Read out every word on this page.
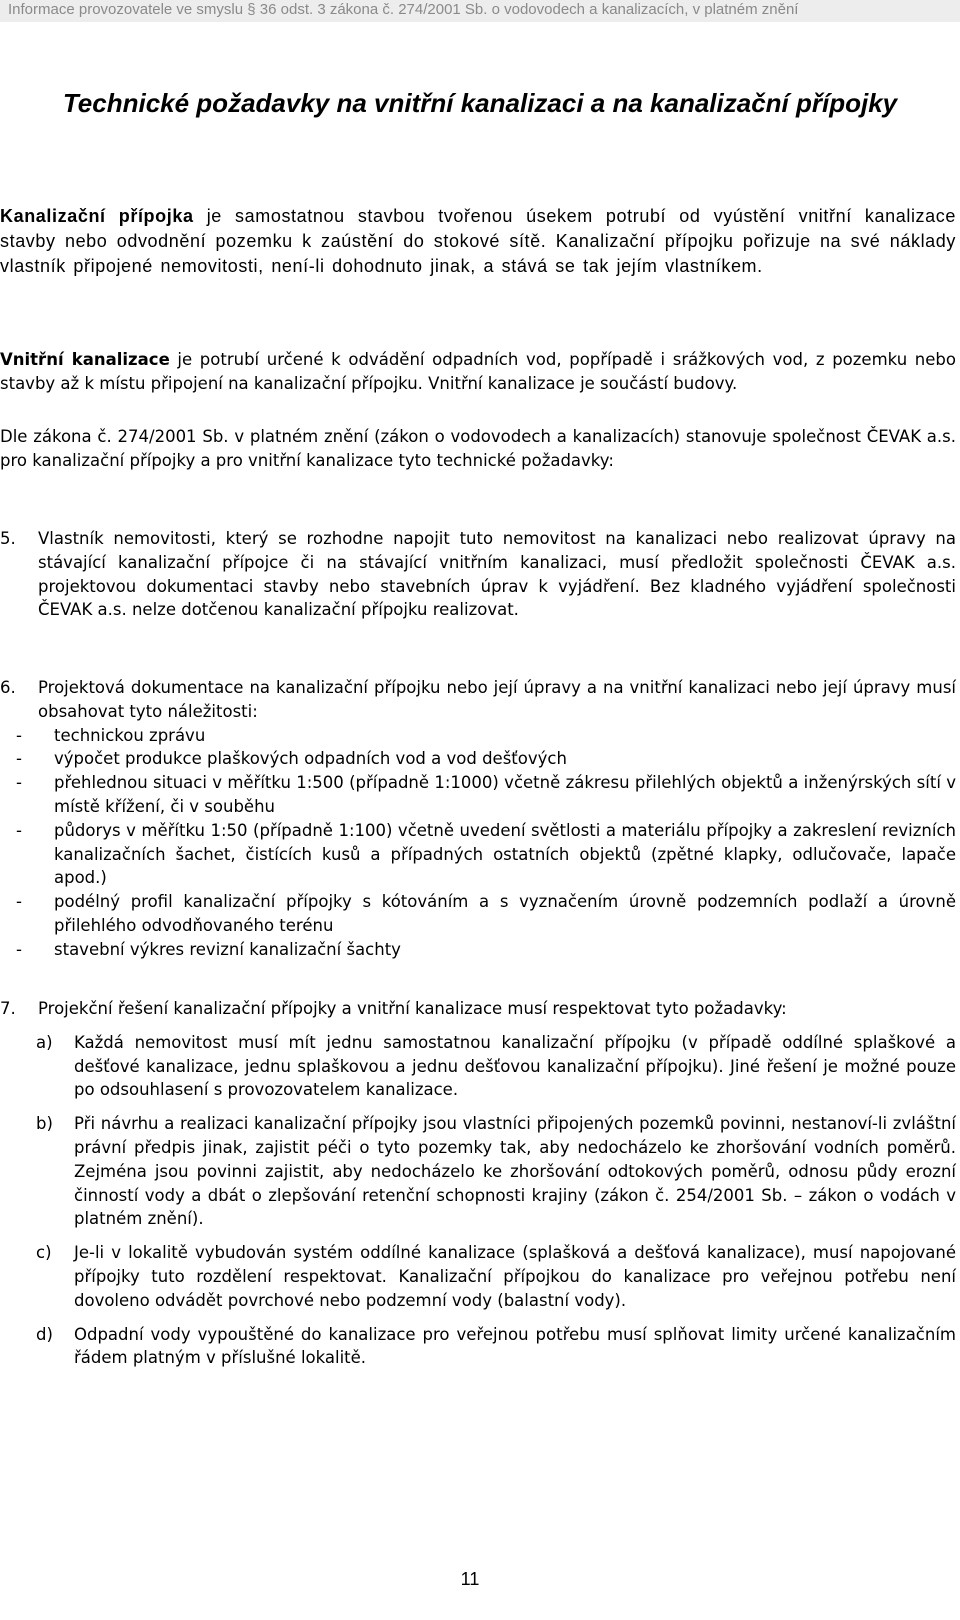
Informace provozovatele ve smyslu § 36 odst. 3 zákona č. 274/2001 Sb. o vodovodech a kanalizacích, v platném znění
Technické požadavky na vnitřní kanalizaci a na kanalizační přípojky

Kanalizační přípojka je samostatnou stavbou tvořenou úsekem potrubí od vyústění vnitřní kanalizace stavby nebo odvodnění pozemku k zaústění do stokové sítě. Kanalizační přípojku pořizuje na své náklady vlastník připojené nemovitosti, není-li dohodnuto jinak, a stává se tak jejím vlastníkem.

Vnitřní kanalizace je potrubí určené k odvádění odpadních vod, popřípadě i srážkových vod, z pozemku nebo stavby až k místu připojení na kanalizační přípojku. Vnitřní kanalizace je součástí budovy.

Dle zákona č. 274/2001 Sb. v platném znění (zákon o vodovodech a kanalizacích) stanovuje společnost ČEVAK a.s. pro kanalizační přípojky a pro vnitřní kanalizace tyto technické požadavky:

5. Vlastník nemovitosti, který se rozhodne napojit tuto nemovitost na kanalizaci nebo realizovat úpravy na stávající kanalizační přípojce či na stávající vnitřním kanalizaci, musí předložit společnosti ČEVAK a.s. projektovou dokumentaci stavby nebo stavebních úprav k vyjádření. Bez kladného vyjádření společnosti ČEVAK a.s. nelze dotčenou kanalizační přípojku realizovat.
6. Projektová dokumentace na kanalizační přípojku nebo její úpravy a na vnitřní kanalizaci nebo její úpravy musí obsahovat tyto náležitosti:
- technickou zprávu
- výpočet produkce plaškových odpadních vod a vod dešťových
- přehlednou situaci v měřítku 1:500 (případně 1:1000) včetně zákresu přilehlých objektů a inženýrských sítí v místě křížení, či v souběhu
- půdorys v měřítku 1:50 (případně 1:100) včetně uvedení světlosti a materiálu přípojky a zakreslení revizních kanalizačních šachet, čistících kusů a případných ostatních objektů (zpětné klapky, odlučovače, lapače apod.)
- podélný profil kanalizační přípojky s kótováním a s vyznačením úrovně podzemních podlaží a úrovně přilehlého odvodňovaného terénu
- stavební výkres revizní kanalizační šachty
7. Projekční řešení kanalizační přípojky a vnitřní kanalizace musí respektovat tyto požadavky:
a) Každá nemovitost musí mít jednu samostatnou kanalizační přípojku (v případě oddílné splaškové a dešťové kanalizace, jednu splaškovou a jednu dešťovou kanalizační přípojku). Jiné řešení je možné pouze po odsouhlasení s provozovatelem kanalizace.
b) Při návrhu a realizaci kanalizační přípojky jsou vlastníci připojených pozemků povinni, nestanoví-li zvláštní právní předpis jinak, zajistit péči o tyto pozemky tak, aby nedocházelo ke zhoršování vodních poměrů. Zejména jsou povinni zajistit, aby nedocházelo ke zhoršování odtokových poměrů, odnosu půdy erozní činností vody a dbát o zlepšování retenční schopnosti krajiny (zákon č. 254/2001 Sb. – zákon o vodách v platném znění).
c) Je-li v lokalitě vybudován systém oddílné kanalizace (splašková a dešťová kanalizace), musí napojované přípojky tuto rozdělení respektovat. Kanalizační přípojkou do kanalizace pro veřejnou potřebu není dovoleno odvádět povrchové nebo podzemní vody (balastní vody).
d) Odpadní vody vypouštěné do kanalizace pro veřejnou potřebu musí splňovat limity určené kanalizačním řádem platným v příslušné lokalitě.
11
